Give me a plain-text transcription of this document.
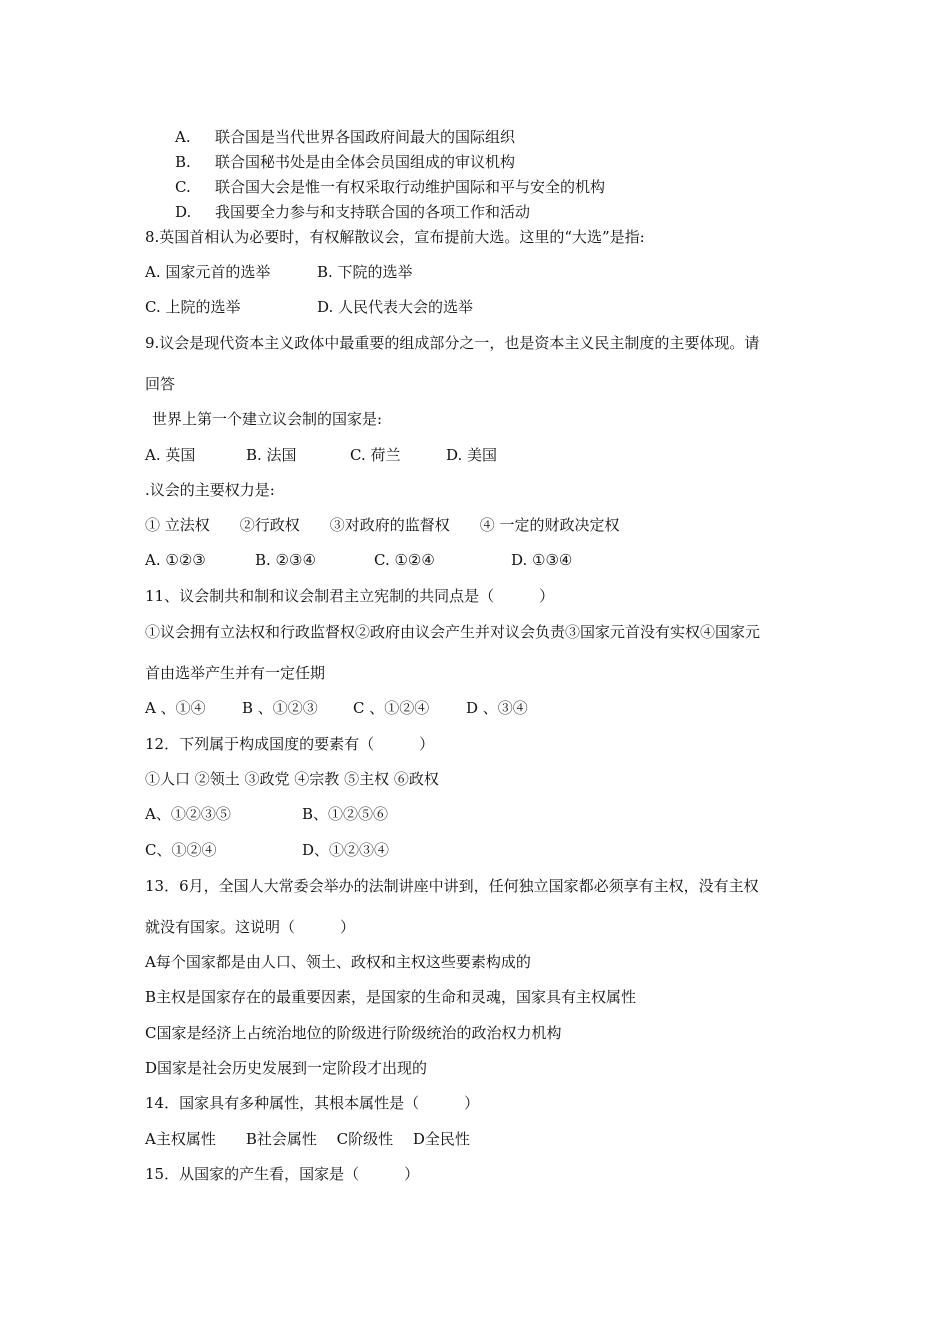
A. 联合国是当代世界各国政府间最大的国际组织
B. 联合国秘书处是由全体会员国组成的审议机构
C. 联合国大会是惟一有权采取行动维护国际和平与安全的机构
D. 我国要全力参与和支持联合国的各项工作和活动
8.英国首相认为必要时，有权解散议会，宣布提前大选。这里的“大选”是指:
A. 国家元首的选举	B. 下院的选举
C. 上院的选举	D. 人民代表大会的选举
9.议会是现代资本主义政体中最重要的组成部分之一，也是资本主义民主制度的主要体现。请
回答
世界上第一个建立议会制的国家是:
A. 英国	B. 法国	C. 荷兰	D. 美国
.议会的主要权力是:
① 立法权　　②行政权　　③对政府的监督权　　④ 一定的财政决定权
A. ①②③	B. ②③④	C. ①②④	D. ①③④
11、议会制共和制和议会制君主立宪制的共同点是（　　　）
①议会拥有立法权和行政监督权②政府由议会产生并对议会负责③国家元首没有实权④国家元
首由选举产生并有一定任期
A 、①④ B 、①②③ C 、①②④ D 、③④
12．下列属于构成国度的要素有（　　　）
①人口 ②领土 ③政党 ④宗教 ⑤主权 ⑥政权
A、①②③⑤	B、①②⑤⑥
C、①②④	D、①②③④
13．6月，全国人大常委会举办的法制讲座中讲到，任何独立国家都必须享有主权，没有主权
就没有国家。这说明（　　　）
A每个国家都是由人口、领土、政权和主权这些要素构成的
B主权是国家存在的最重要因素，是国家的生命和灵魂，国家具有主权属性
C国家是经济上占统治地位的阶级进行阶级统治的政治权力机构
D国家是社会历史发展到一定阶段才出现的
14．国家具有多种属性，其根本属性是（　　　）
A主权属性　　B社会属性　 C阶级性　 D全民性
15．从国家的产生看，国家是（　　　）
